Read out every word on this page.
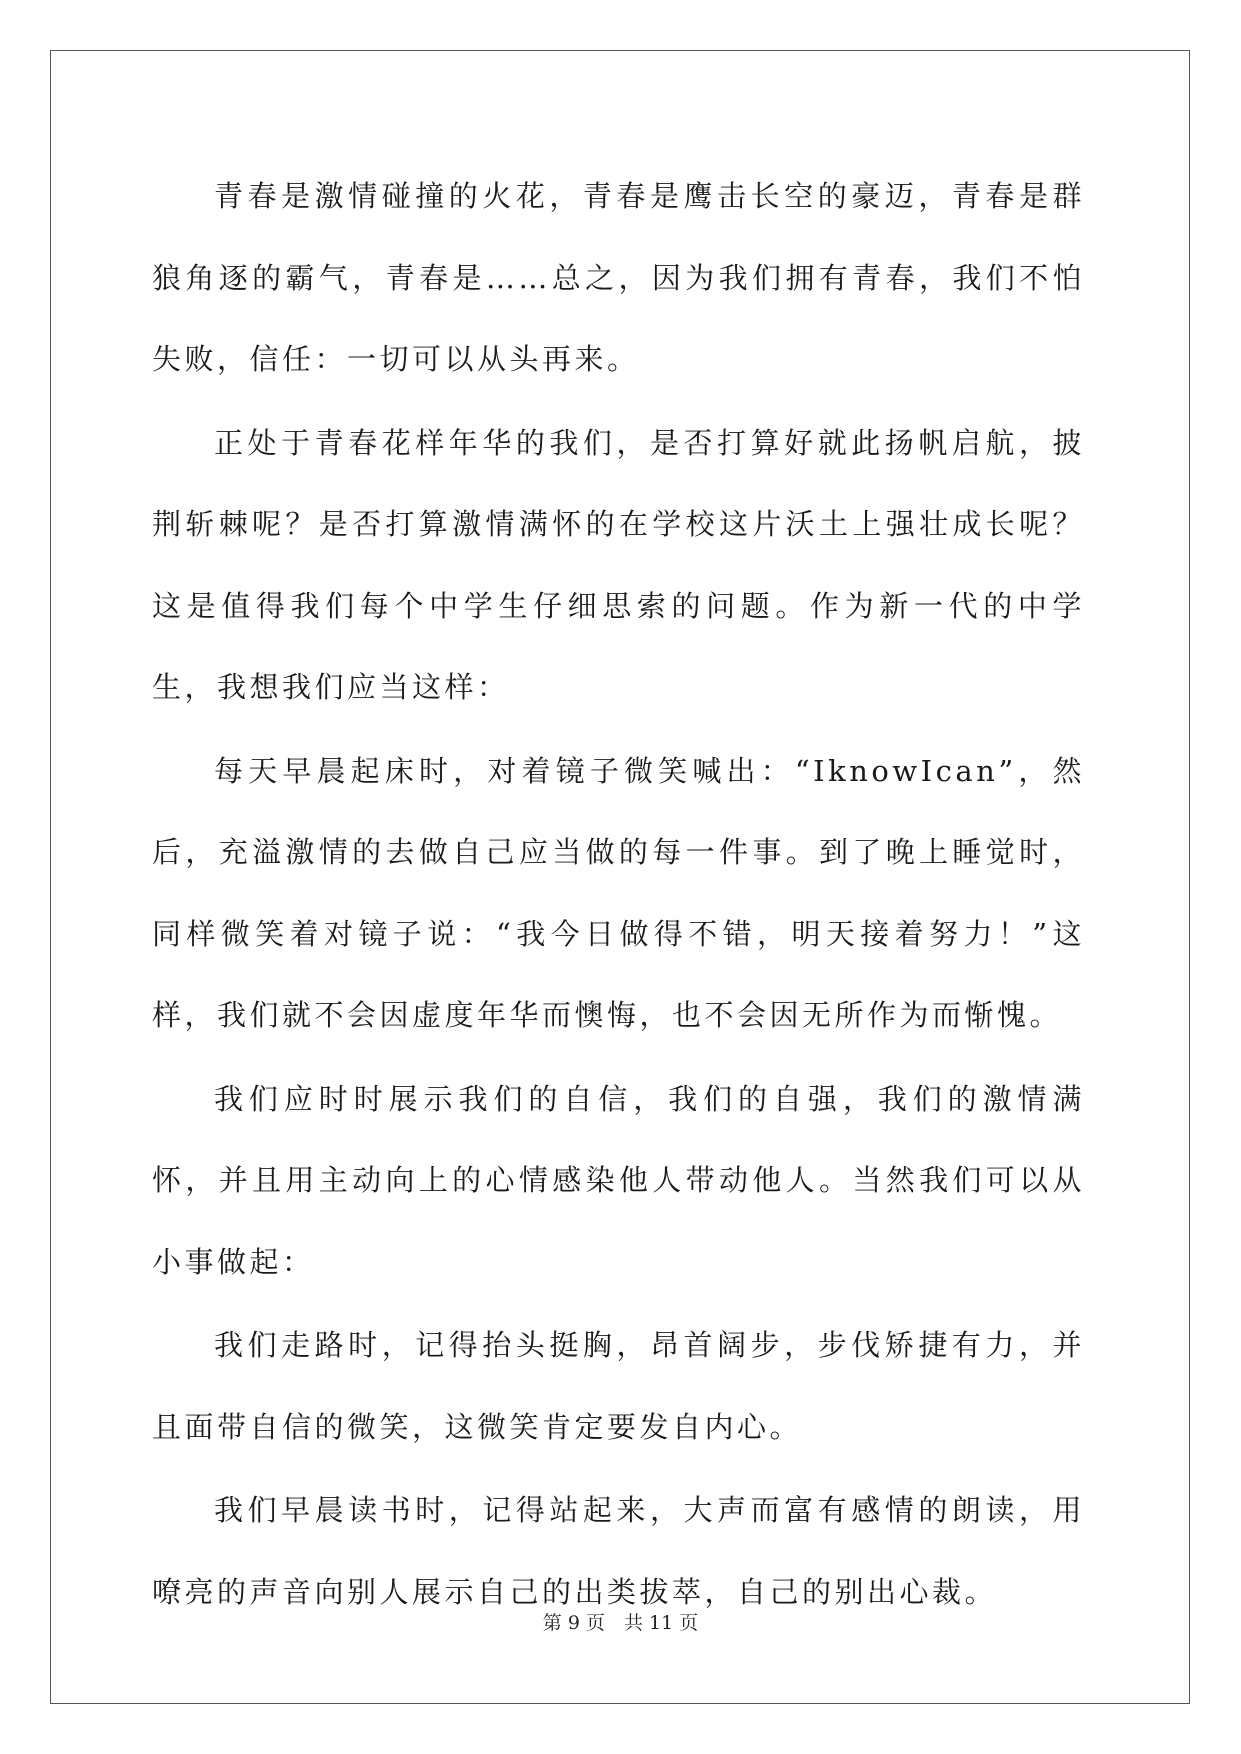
青春是激情碰撞的火花，青春是鹰击长空的豪迈，青春是群狼角逐的霸气，青春是……总之，因为我们拥有青春，我们不怕失败，信任：一切可以从头再来。

正处于青春花样年华的我们，是否打算好就此扬帆启航，披荆斩棘呢？是否打算激情满怀的在学校这片沃土上强壮成长呢？这是值得我们每个中学生仔细思索的问题。作为新一代的中学生，我想我们应当这样：

每天早晨起床时，对着镜子微笑喊出：“IknowIcan”，然后，充溢激情的去做自己应当做的每一件事。到了晚上睡觉时，同样微笑着对镜子说：“我今日做得不错，明天接着努力！”这样，我们就不会因虚度年华而懊悔，也不会因无所作为而惭愧。

我们应时时展示我们的自信，我们的自强，我们的激情满怀，并且用主动向上的心情感染他人带动他人。当然我们可以从小事做起：

我们走路时，记得抬头挺胸，昂首阔步，步伐矫捷有力，并且面带自信的微笑，这微笑肯定要发自内心。

我们早晨读书时，记得站起来，大声而富有感情的朗读，用嘹亮的声音向别人展示自己的出类拔萃，自己的别出心裁。

第 9 页　共 11 页
